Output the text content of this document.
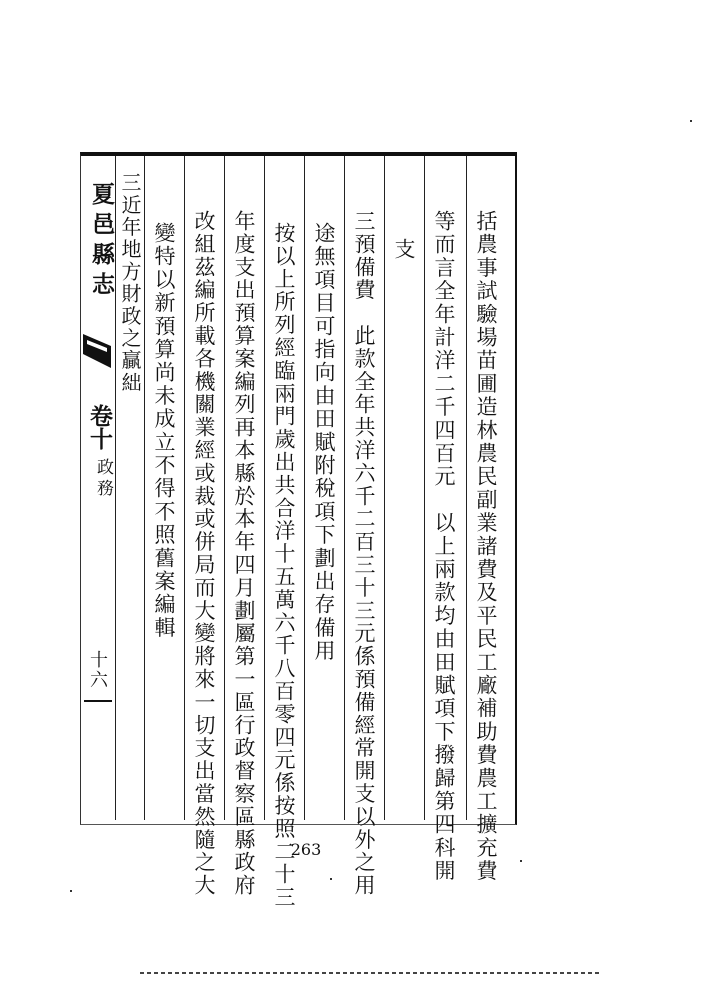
夏邑縣志
卷十
政務
十六	括農事試驗場苗圃造林農民副業諸費及平民工廠補助費農工擴充費
等而言全年計洋二千四百元　以上兩款均由田賦項下撥歸第四科開
支
三預備費　此款全年共洋六千二百三十三元係預備經常開支以外之用
途無項目可指向由田賦附稅項下劃出存備用
按以上所列經臨兩門歲出共合洋十五萬六千八百零四元係按照二十三
年度支出預算案編列再本縣於本年四月劃屬第一區行政督察區縣政府
改組茲編所載各機關業經或裁或併局而大變將來一切支出當然隨之大
變特以新預算尚未成立不得不照舊案編輯
三近年地方財政之贏絀
263
